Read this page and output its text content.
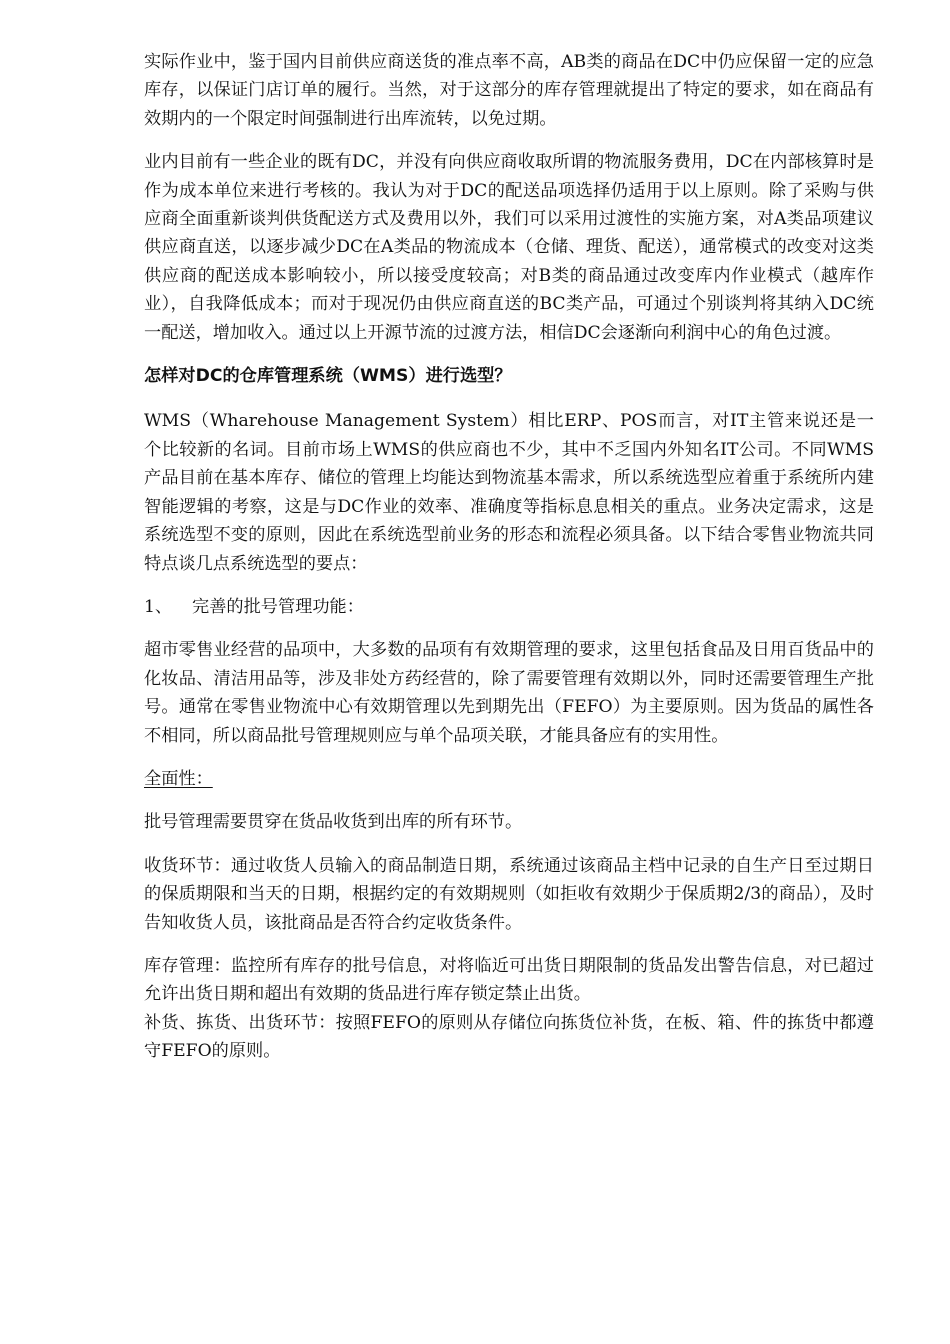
实际作业中，鉴于国内目前供应商送货的准点率不高，AB类的商品在DC中仍应保留一定的应急库存，以保证门店订单的履行。当然，对于这部分的库存管理就提出了特定的要求，如在商品有效期内的一个限定时间强制进行出库流转，以免过期。

业内目前有一些企业的既有DC，并没有向供应商收取所谓的物流服务费用，DC在内部核算时是作为成本单位来进行考核的。我认为对于DC的配送品项选择仍适用于以上原则。除了采购与供应商全面重新谈判供货配送方式及费用以外，我们可以采用过渡性的实施方案，对A类品项建议供应商直送，以逐步减少DC在A类品的物流成本（仓储、理货、配送），通常模式的改变对这类供应商的配送成本影响较小，所以接受度较高；对B类的商品通过改变库内作业模式（越库作业），自我降低成本；而对于现况仍由供应商直送的BC类产品，可通过个别谈判将其纳入DC统一配送，增加收入。通过以上开源节流的过渡方法，相信DC会逐渐向利润中心的角色过渡。

怎样对DC的仓库管理系统（WMS）进行选型？

WMS（Wharehouse Management System）相比ERP、POS而言，对IT主管来说还是一个比较新的名词。目前市场上WMS的供应商也不少，其中不乏国内外知名IT公司。不同WMS产品目前在基本库存、储位的管理上均能达到物流基本需求，所以系统选型应着重于系统所内建智能逻辑的考察，这是与DC作业的效率、准确度等指标息息相关的重点。业务决定需求，这是系统选型不变的原则，因此在系统选型前业务的形态和流程必须具备。以下结合零售业物流共同特点谈几点系统选型的要点：

1、	完善的批号管理功能：

超市零售业经营的品项中，大多数的品项有有效期管理的要求，这里包括食品及日用百货品中的化妆品、清洁用品等，涉及非处方药经营的，除了需要管理有效期以外，同时还需要管理生产批号。通常在零售业物流中心有效期管理以先到期先出（FEFO）为主要原则。因为货品的属性各不相同，所以商品批号管理规则应与单个品项关联，才能具备应有的实用性。

全面性：

批号管理需要贯穿在货品收货到出库的所有环节。

收货环节：通过收货人员输入的商品制造日期，系统通过该商品主档中记录的自生产日至过期日的保质期限和当天的日期，根据约定的有效期规则（如拒收有效期少于保质期2/3的商品），及时告知收货人员，该批商品是否符合约定收货条件。

库存管理：监控所有库存的批号信息，对将临近可出货日期限制的货品发出警告信息，对已超过允许出货日期和超出有效期的货品进行库存锁定禁止出货。

补货、拣货、出货环节：按照FEFO的原则从存储位向拣货位补货，在板、箱、件的拣货中都遵守FEFO的原则。
